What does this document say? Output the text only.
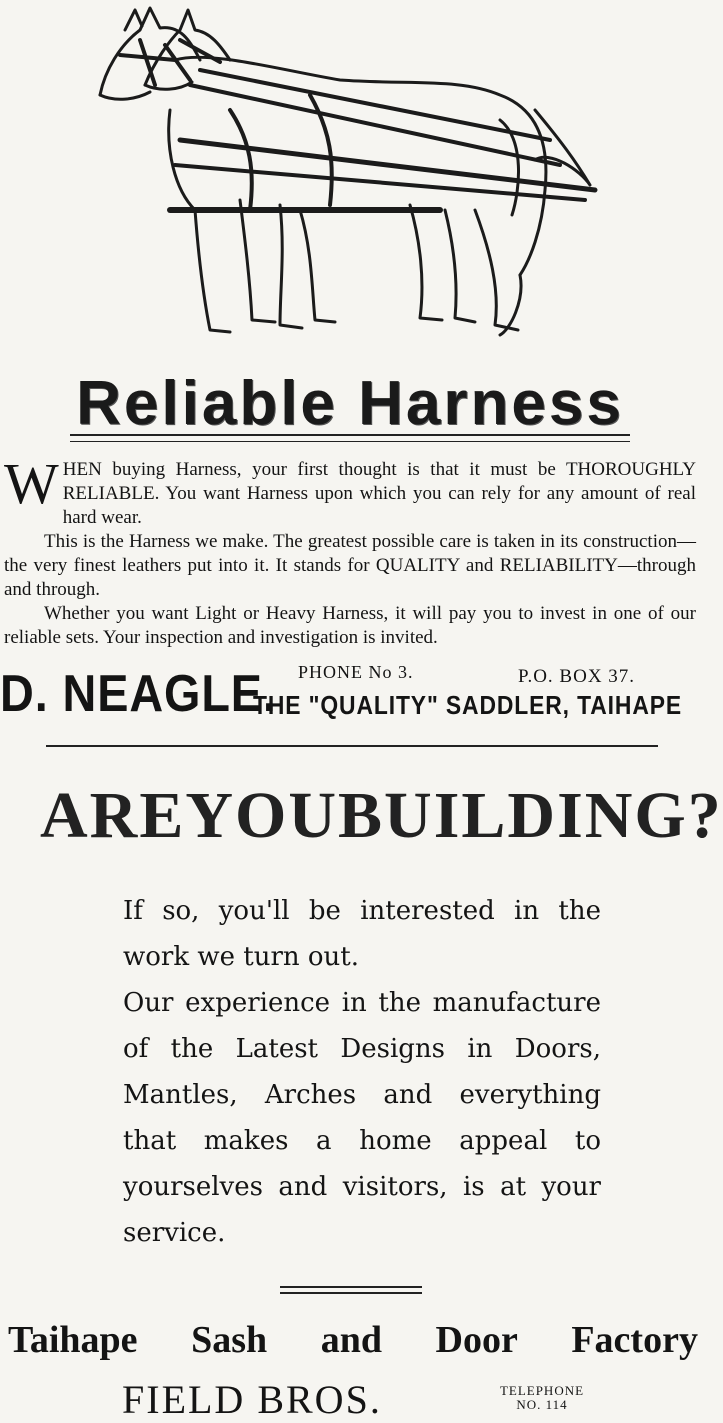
Reliable Harness

WHEN buying Harness, your first thought is that it must be THOROUGHLY RELIABLE. You want Harness upon which you can rely for any amount of real hard wear.

This is the Harness we make. The greatest possible care is taken in its construction—the very finest leathers put into it. It stands for QUALITY and RELIABILITY—through and through.

Whether you want Light or Heavy Harness, it will pay you to invest in one of our reliable sets. Your inspection and investigation is invited.

D. NEAGLE. PHONE No 3.	P.O. BOX 37.
THE "QUALITY" SADDLER, TAIHAPE
ARE YOU BUILDING ?

If so, you'll be interested in the work we turn out.

Our experience in the manufacture of the Latest Designs in Doors, Mantles, Arches and everything that makes a home appeal to yourselves and visitors, is at your service.

Taihape Sash and Door Factory
FIELD BROS.	TELEPHONE
NO. 114
